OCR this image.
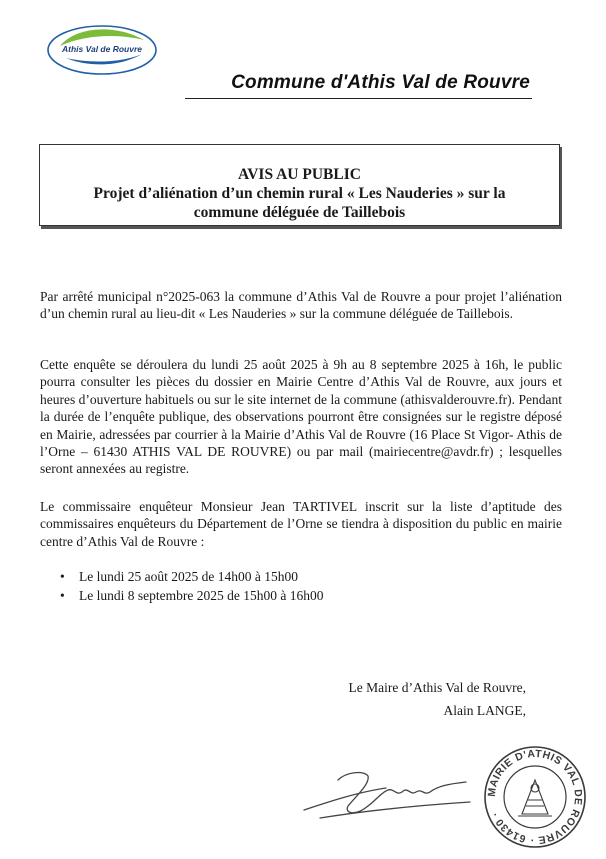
Athis Val de Rouvre
Commune d'Athis Val de Rouvre
AVIS AU PUBLIC
Projet d’aliénation d’un chemin rural « Les Nauderies » sur la
commune déléguée de Taillebois

Par arrêté municipal n°2025-063 la commune d’Athis Val de Rouvre a pour projet l’aliénation d’un chemin rural au lieu-dit « Les Nauderies » sur la commune déléguée de Taillebois.

Cette enquête se déroulera du lundi 25 août 2025 à 9h au 8 septembre 2025 à 16h, le public pourra consulter les pièces du dossier en Mairie Centre d’Athis Val de Rouvre, aux jours et heures d’ouverture habituels ou sur le site internet de la commune (athisvalderouvre.fr). Pendant la durée de l’enquête publique, des observations pourront être consignées sur le registre déposé en Mairie, adressées par courrier à la Mairie d’Athis Val de Rouvre (16 Place St Vigor- Athis de l’Orne – 61430 ATHIS VAL DE ROUVRE) ou par mail (mairiecentre@avdr.fr) ; lesquelles seront annexées au registre.

Le commissaire enquêteur Monsieur Jean TARTIVEL inscrit sur la liste d’aptitude des commissaires enquêteurs du Département de l’Orne se tiendra à disposition du public en mairie centre d’Athis Val de Rouvre :

• Le lundi 25 août 2025 de 14h00 à 15h00
• Le lundi 8 septembre 2025 de 15h00 à 16h00
Le Maire d’Athis Val de Rouvre,
Alain LANGE,
MAIRIE D'ATHIS VAL DE ROUVRE · 61430 ·
